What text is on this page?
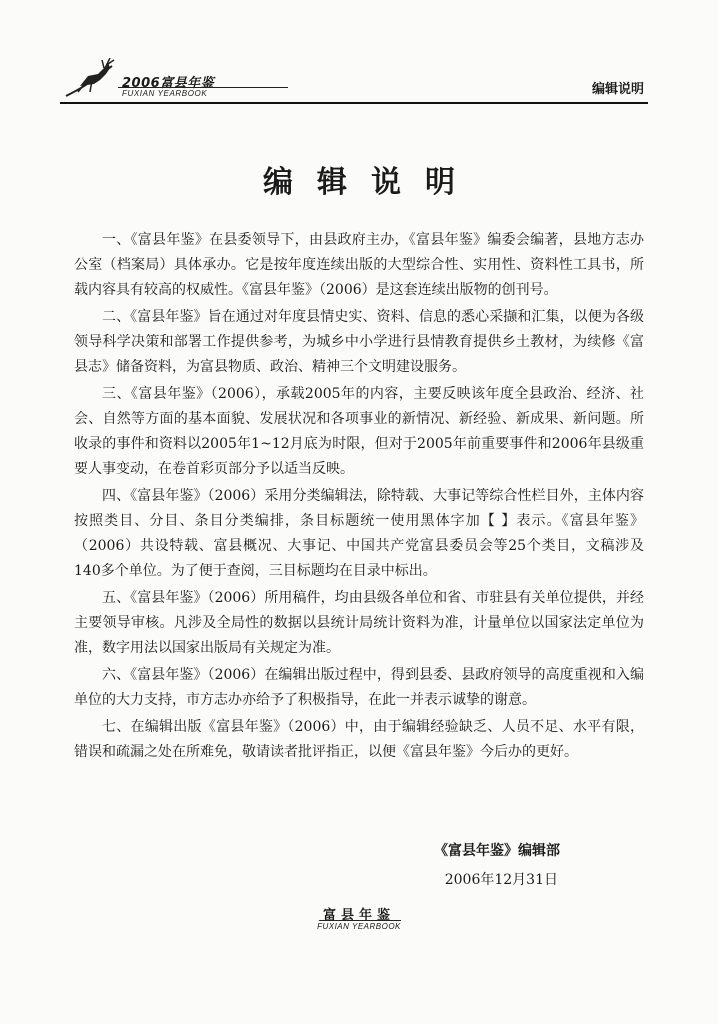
2006富县年鉴
FUXIAN YEARBOOK	编辑说明
编辑说明

一、《富县年鉴》在县委领导下，由县政府主办，《富县年鉴》编委会编著，县地方志办公室（档案局）具体承办。它是按年度连续出版的大型综合性、实用性、资料性工具书，所载内容具有较高的权威性。《富县年鉴》（2006）是这套连续出版物的创刊号。

二、《富县年鉴》旨在通过对年度县情史实、资料、信息的悉心采撷和汇集，以便为各级领导科学决策和部署工作提供参考，为城乡中小学进行县情教育提供乡土教材，为续修《富县志》储备资料，为富县物质、政治、精神三个文明建设服务。

三、《富县年鉴》（2006），承载2005年的内容，主要反映该年度全县政治、经济、社会、自然等方面的基本面貌、发展状况和各项事业的新情况、新经验、新成果、新问题。所收录的事件和资料以2005年1~12月底为时限，但对于2005年前重要事件和2006年县级重要人事变动，在卷首彩页部分予以适当反映。

四、《富县年鉴》（2006）采用分类编辑法，除特载、大事记等综合性栏目外，主体内容按照类目、分目、条目分类编排，条目标题统一使用黑体字加【 】表示。《富县年鉴》（2006）共设特载、富县概况、大事记、中国共产党富县委员会等25个类目，文稿涉及140多个单位。为了便于查阅，三目标题均在目录中标出。

五、《富县年鉴》（2006）所用稿件，均由县级各单位和省、市驻县有关单位提供，并经主要领导审核。凡涉及全局性的数据以县统计局统计资料为准，计量单位以国家法定单位为准，数字用法以国家出版局有关规定为准。

六、《富县年鉴》（2006）在编辑出版过程中，得到县委、县政府领导的高度重视和入编单位的大力支持，市方志办亦给予了积极指导，在此一并表示诚挚的谢意。

七、在编辑出版《富县年鉴》（2006）中，由于编辑经验缺乏、人员不足、水平有限，错误和疏漏之处在所难免，敬请读者批评指正，以便《富县年鉴》今后办的更好。

《富县年鉴》编辑部
2006年12月31日
富县年鉴
FUXIAN YEARBOOK
